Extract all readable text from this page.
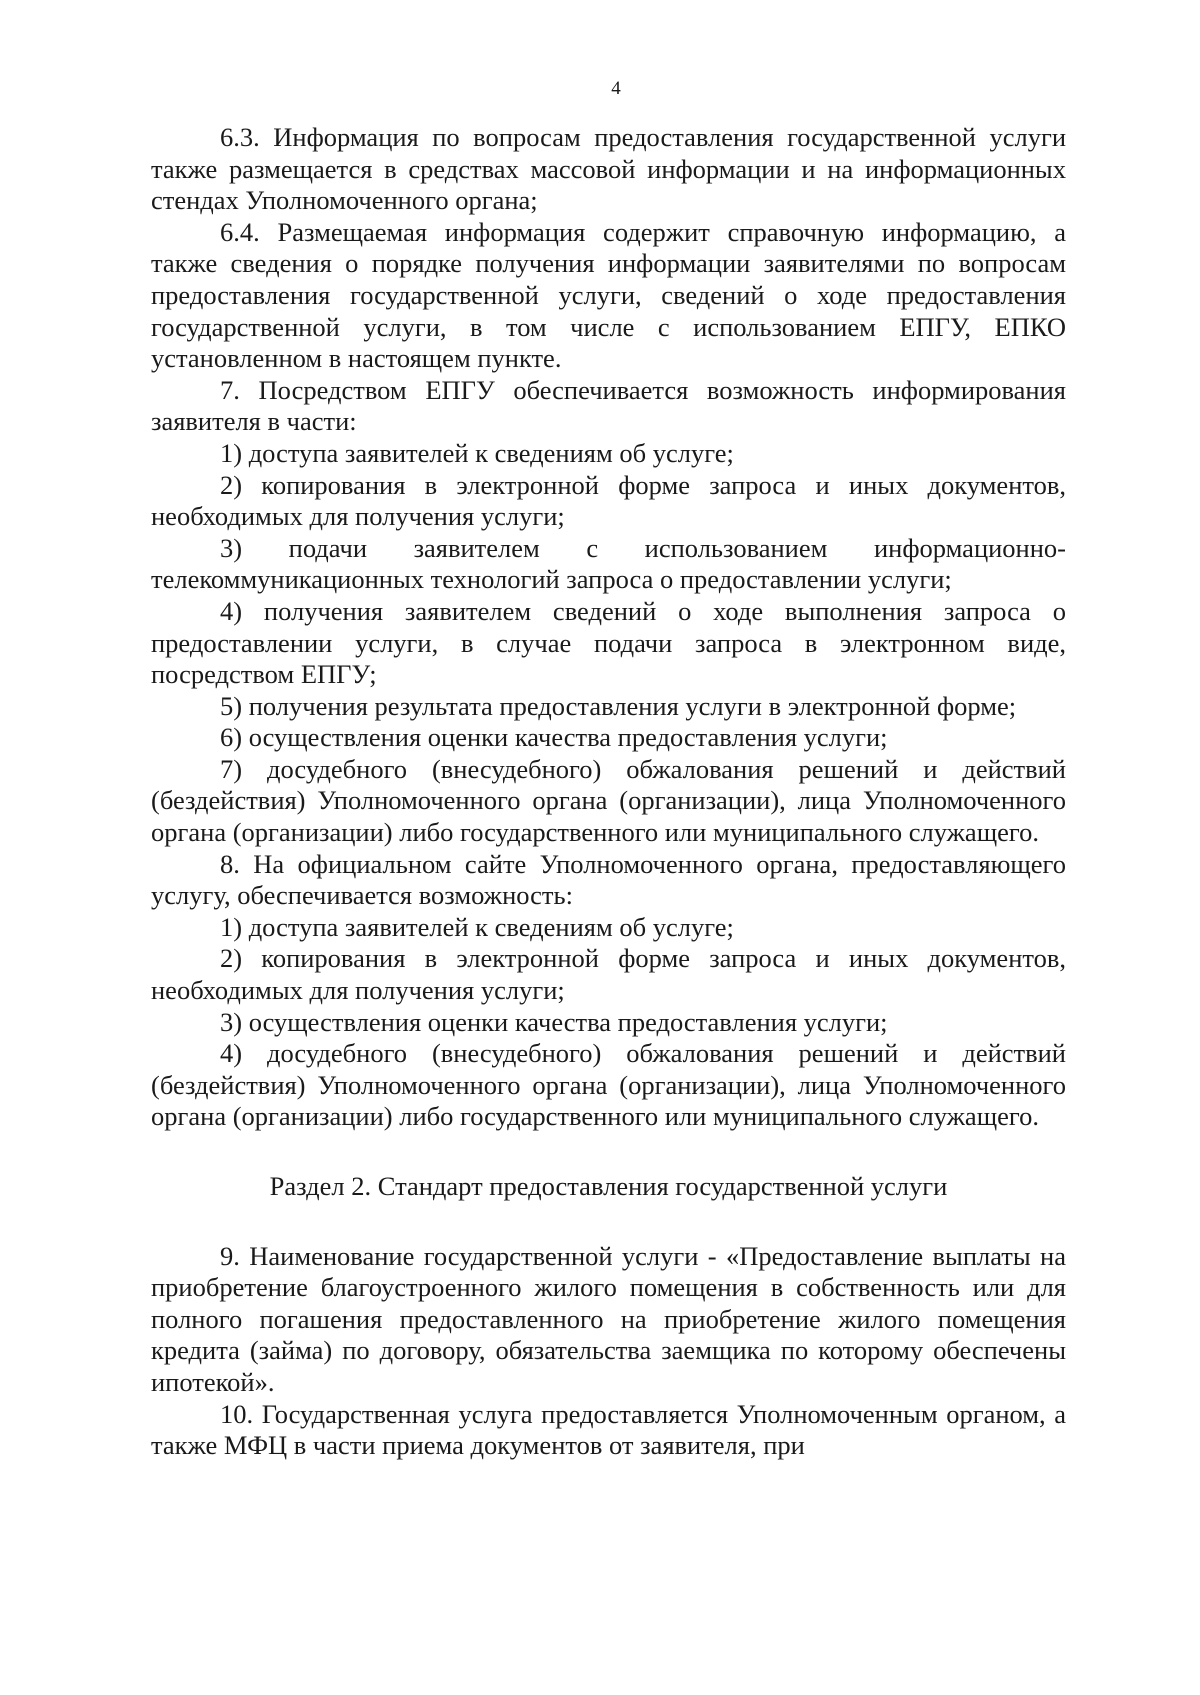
4

6.3. Информация по вопросам предоставления государственной услуги также размещается в средствах массовой информации и на информационных стендах Уполномоченного органа;

6.4. Размещаемая информация содержит справочную информацию, а также сведения о порядке получения информации заявителями по вопросам предоставления государственной услуги, сведений о ходе предоставления государственной услуги, в том числе с использованием ЕПГУ, ЕПКО установленном в настоящем пункте.

7. Посредством ЕПГУ обеспечивается возможность информирования заявителя в части:

1) доступа заявителей к сведениям об услуге;

2) копирования в электронной форме запроса и иных документов, необходимых для получения услуги;

3) подачи заявителем с использованием информационно-телекоммуникационных технологий запроса о предоставлении услуги;

4) получения заявителем сведений о ходе выполнения запроса о предоставлении услуги, в случае подачи запроса в электронном виде, посредством ЕПГУ;

5) получения результата предоставления услуги в электронной форме;

6) осуществления оценки качества предоставления услуги;

7) досудебного (внесудебного) обжалования решений и действий (бездействия) Уполномоченного органа (организации), лица Уполномоченного органа (организации) либо государственного или муниципального служащего.

8. На официальном сайте Уполномоченного органа, предоставляющего услугу, обеспечивается возможность:

1) доступа заявителей к сведениям об услуге;

2) копирования в электронной форме запроса и иных документов, необходимых для получения услуги;

3) осуществления оценки качества предоставления услуги;

4) досудебного (внесудебного) обжалования решений и действий (бездействия) Уполномоченного органа (организации), лица Уполномоченного органа (организации) либо государственного или муниципального служащего.

Раздел 2. Стандарт предоставления государственной услуги

9. Наименование государственной услуги - «Предоставление выплаты на приобретение благоустроенного жилого помещения в собственность или для полного погашения предоставленного на приобретение жилого помещения кредита (займа) по договору, обязательства заемщика по которому обеспечены ипотекой».

10. Государственная услуга предоставляется Уполномоченным органом, а также МФЦ в части приема документов от заявителя, при
